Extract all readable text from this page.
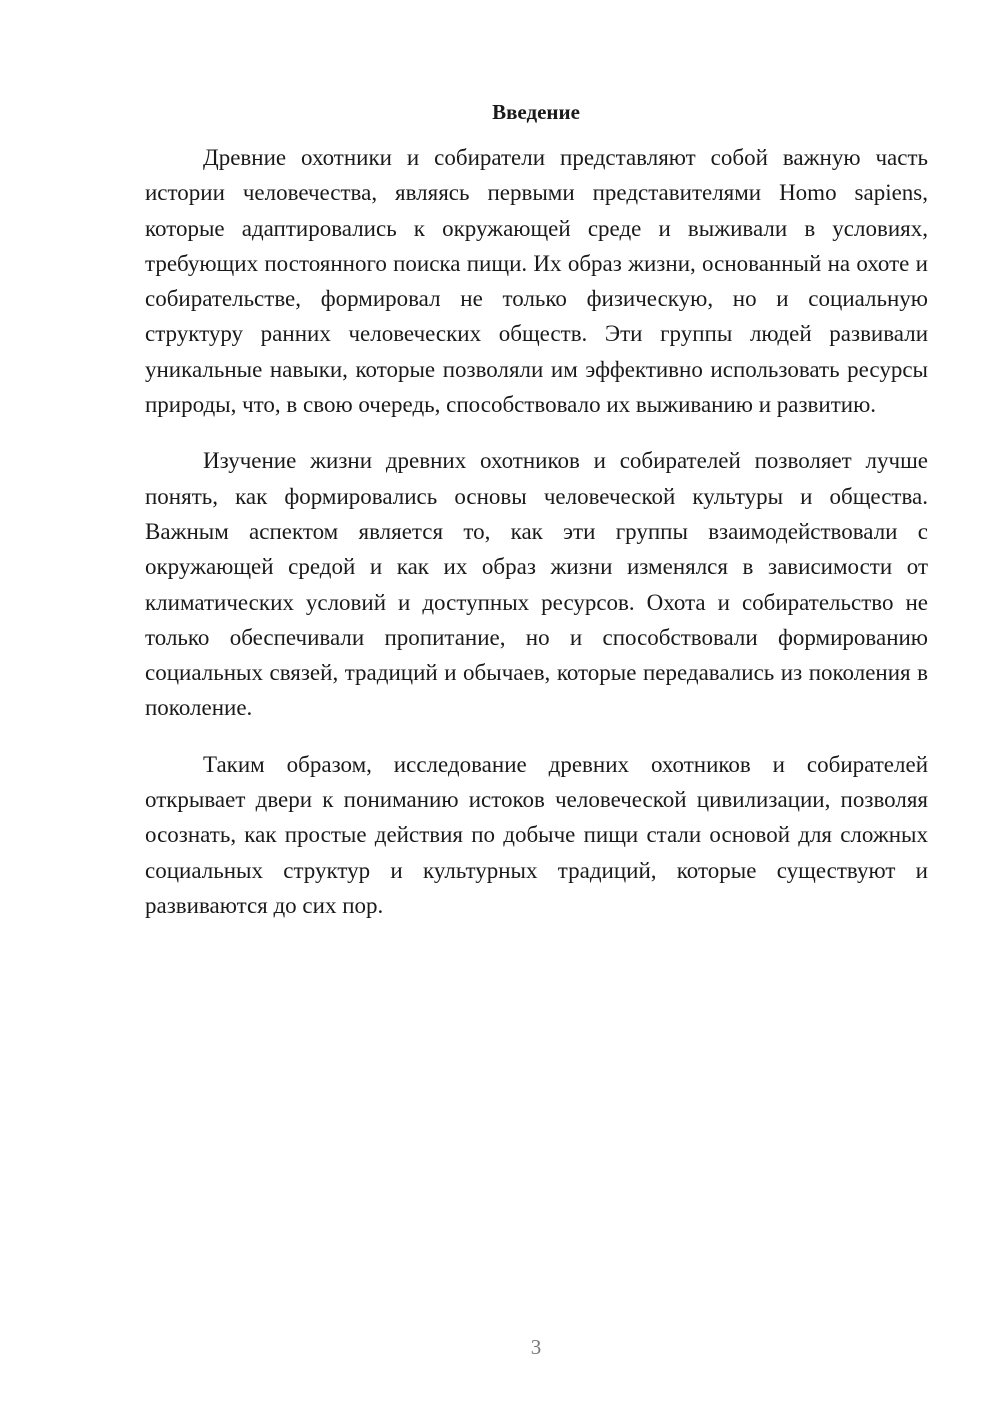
Введение

Древние охотники и собиратели представляют собой важную часть истории человечества, являясь первыми представителями Homo sapiens, которые адаптировались к окружающей среде и выживали в условиях, требующих постоянного поиска пищи. Их образ жизни, основанный на охоте и собирательстве, формировал не только физическую, но и социальную структуру ранних человеческих обществ. Эти группы людей развивали уникальные навыки, которые позволяли им эффективно использовать ресурсы природы, что, в свою очередь, способствовало их выживанию и развитию.

Изучение жизни древних охотников и собирателей позволяет лучше понять, как формировались основы человеческой культуры и общества. Важным аспектом является то, как эти группы взаимодействовали с окружающей средой и как их образ жизни изменялся в зависимости от климатических условий и доступных ресурсов. Охота и собирательство не только обеспечивали пропитание, но и способствовали формированию социальных связей, традиций и обычаев, которые передавались из поколения в поколение.

Таким образом, исследование древних охотников и собирателей открывает двери к пониманию истоков человеческой цивилизации, позволяя осознать, как простые действия по добыче пищи стали основой для сложных социальных структур и культурных традиций, которые существуют и развиваются до сих пор.

3
